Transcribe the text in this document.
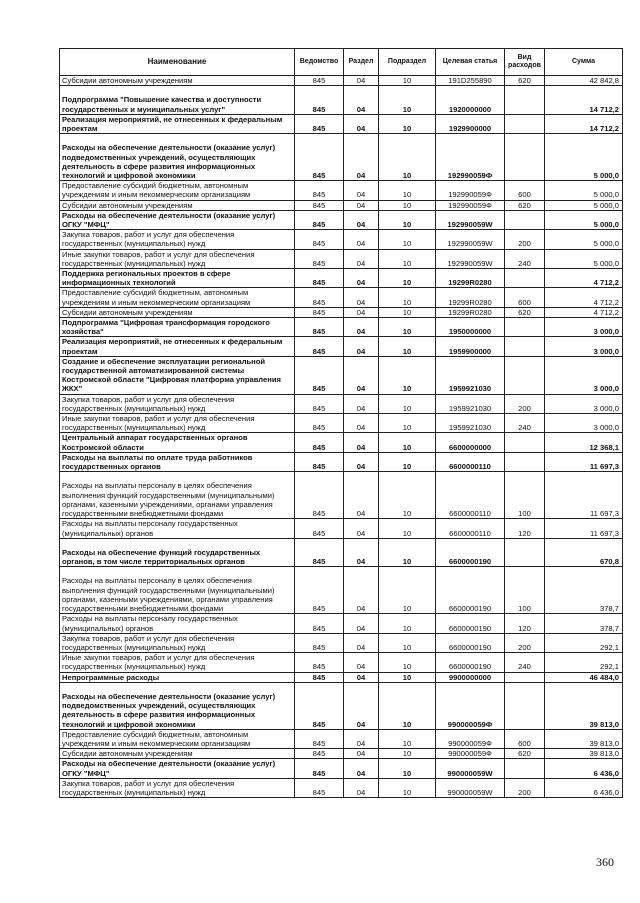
Наименование	Ведомство	Раздел	Подраздел	Целевая статья	Вид расходов	Сумма
Субсидии автономным учреждениям	845	04	10	191D255890	620	42 842,8
Подпрограмма "Повышение качества и доступности государственных и муниципальных услуг"	845	04	10	1920000000		14 712,2
Реализация мероприятий, не отнесенных к федеральным проектам	845	04	10	1929900000		14 712,2
Расходы на обеспечение деятельности (оказание услуг) подведомственных учреждений, осуществляющих деятельность в сфере развития информационных технологий и цифровой экономики	845	04	10	192990059Ф		5 000,0
Предоставление субсидий бюджетным, автономным учреждениям и иным некоммерческим организациям	845	04	10	192990059Ф	600	5 000,0
Субсидии автономным учреждениям	845	04	10	192990059Ф	620	5 000,0
Расходы на обеспечение деятельности (оказание услуг) ОГКУ "МФЦ"	845	04	10	192990059W		5 000,0
Закупка товаров, работ и услуг для обеспечения государственных (муниципальных) нужд	845	04	10	192990059W	200	5 000,0
Иные закупки товаров, работ и услуг для обеспечения государственных (муниципальных) нужд	845	04	10	192990059W	240	5 000,0
Поддержка региональных проектов в сфере информационных технологий	845	04	10	19299R0280		4 712,2
Предоставление субсидий бюджетным, автономным учреждениям и иным некоммерческим организациям	845	04	10	19299R0280	600	4 712,2
Субсидии автономным учреждениям	845	04	10	19299R0280	620	4 712,2
Подпрограмма "Цифровая трансформация городского хозяйства"	845	04	10	1950000000		3 000,0
Реализация мероприятий, не отнесенных к федеральным проектам	845	04	10	1959900000		3 000,0
Создание и обеспечение эксплуатации региональной государственной автоматизированной системы Костромской области "Цифровая платформа управления ЖКХ"	845	04	10	1959921030		3 000,0
Закупка товаров, работ и услуг для обеспечения государственных (муниципальных) нужд	845	04	10	1959921030	200	3 000,0
Иные закупки товаров, работ и услуг для обеспечения государственных (муниципальных) нужд	845	04	10	1959921030	240	3 000,0
Центральный аппарат государственных органов Костромской области	845	04	10	6600000000		12 368,1
Расходы на выплаты по оплате труда работников государственных органов	845	04	10	6600000110		11 697,3
Расходы на выплаты персоналу в целях обеспечения выполнения функций государственными (муниципальными) органами, казенными учреждениями, органами управления государственными внебюджетными фондами	845	04	10	6600000110	100	11 697,3
Расходы на выплаты персоналу государственных (муниципальных) органов	845	04	10	6600000110	120	11 697,3
Расходы на обеспечение функций государственных органов, в том числе территориальных органов	845	04	10	6600000190		670,8
Расходы на выплаты персоналу в целях обеспечения выполнения функций государственными (муниципальными) органами, казенными учреждениями, органами управления государственными внебюджетными фондами	845	04	10	6600000190	100	378,7
Расходы на выплаты персоналу государственных (муниципальных) органов	845	04	10	6600000190	120	378,7
Закупка товаров, работ и услуг для обеспечения государственных (муниципальных) нужд	845	04	10	6600000190	200	292,1
Иные закупки товаров, работ и услуг для обеспечения государственных (муниципальных) нужд	845	04	10	6600000190	240	292,1
Непрограммные расходы	845	04	10	9900000000		46 484,0
Расходы на обеспечение деятельности (оказание услуг) подведомственных учреждений, осуществляющих деятельность в сфере развития информационных технологий и цифровой экономики	845	04	10	990000059Ф		39 813,0
Предоставление субсидий бюджетным, автономным учреждениям и иным некоммерческим организациям	845	04	10	990000059Ф	600	39 813,0
Субсидии автономным учреждениям	845	04	10	990000059Ф	620	39 813,0
Расходы на обеспечение деятельности (оказание услуг) ОГКУ "МФЦ"	845	04	10	990000059W		6 436,0
Закупка товаров, работ и услуг для обеспечения государственных (муниципальных) нужд	845	04	10	990000059W	200	6 436,0
360
